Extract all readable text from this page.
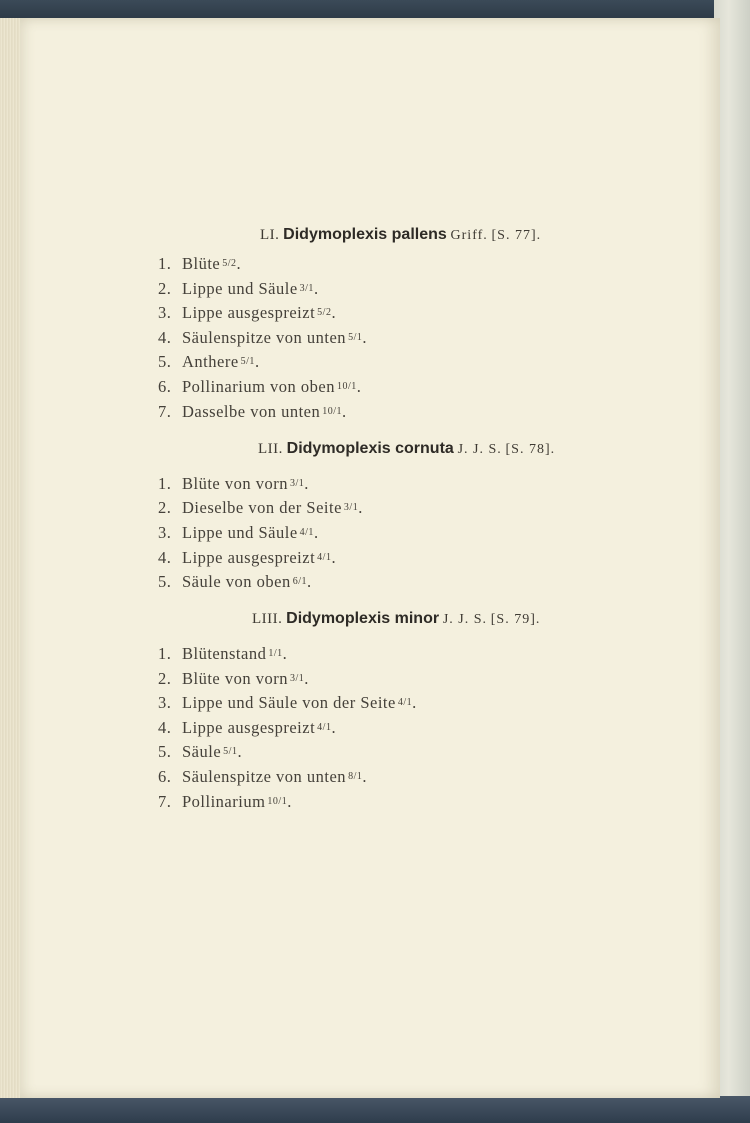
LI. Didymoplexis pallens Griff. [S. 77].
1. Blüte 5/2.
2. Lippe und Säule 3/1.
3. Lippe ausgespreizt 5/2.
4. Säulenspitze von unten 5/1.
5. Anthere 5/1.
6. Pollinarium von oben 10/1.
7. Dasselbe von unten 10/1.
LII. Didymoplexis cornuta J. J. S. [S. 78].
1. Blüte von vorn 3/1.
2. Dieselbe von der Seite 3/1.
3. Lippe und Säule 4/1.
4. Lippe ausgespreizt 4/1.
5. Säule von oben 6/1.
LIII. Didymoplexis minor J. J. S. [S. 79].
1. Blütenstand 1/1.
2. Blüte von vorn 3/1.
3. Lippe und Säule von der Seite 4/1.
4. Lippe ausgespreizt 4/1.
5. Säule 5/1.
6. Säulenspitze von unten 8/1.
7. Pollinarium 10/1.
